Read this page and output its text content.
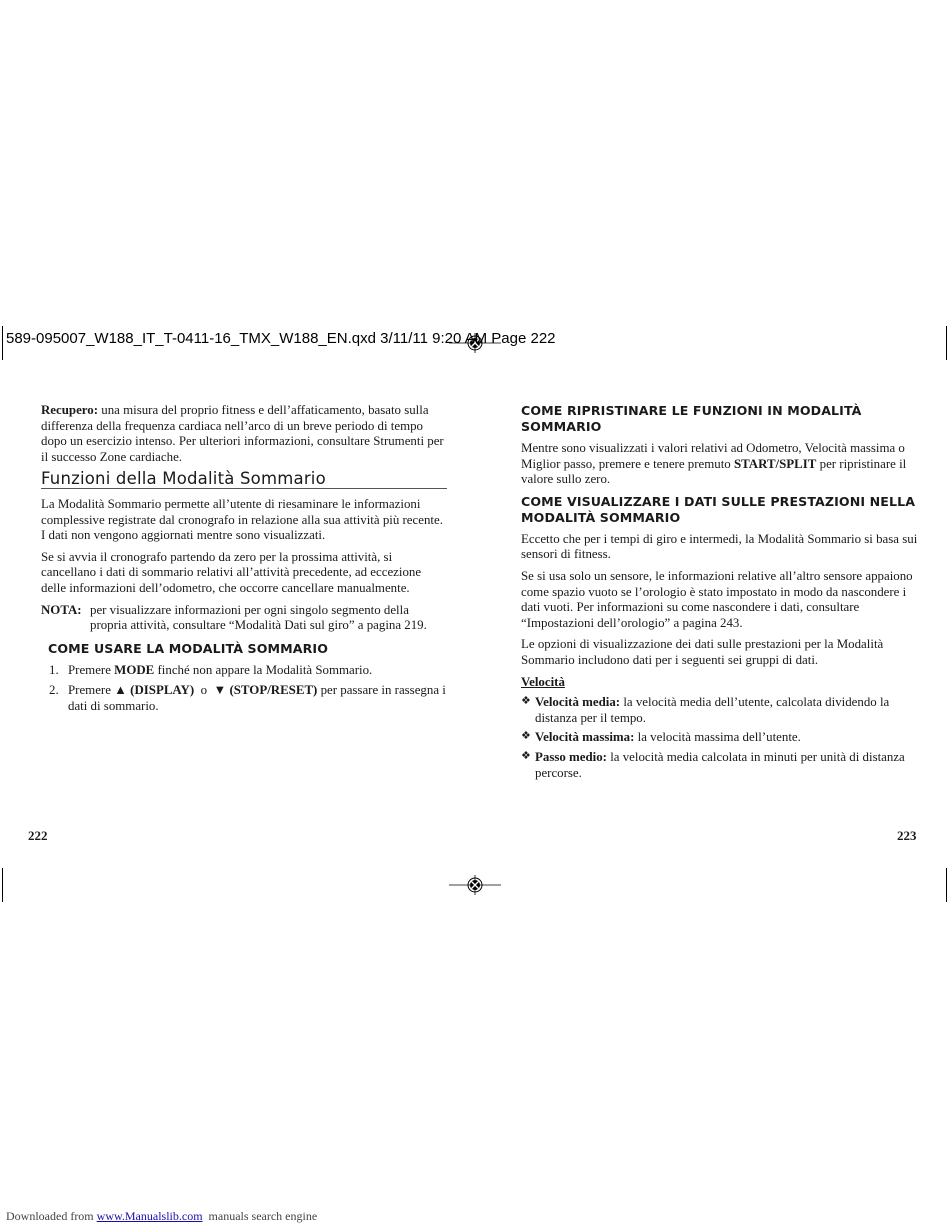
589-095007_W188_IT_T-0411-16_TMX_W188_EN.qxd 3/11/11 9:20 AM Page 222

Recupero: una misura del proprio fitness e dell’affaticamento, basato sulla differenza della frequenza cardiaca nell’arco di un breve periodo di tempo dopo un esercizio intenso. Per ulteriori informazioni, consultare Strumenti per il successo Zone cardiache.

Funzioni della Modalità Sommario

La Modalità Sommario permette all’utente di riesaminare le informazioni complessive registrate dal cronografo in relazione alla sua attività più recente. I dati non vengono aggiornati mentre sono visualizzati.

Se si avvia il cronografo partendo da zero per la prossima attività, si cancellano i dati di sommario relativi all’attività precedente, ad eccezione delle informazioni dell’odometro, che occorre cancellare manualmente.

NOTA: per visualizzare informazioni per ogni singolo segmento della propria attività, consultare “Modalità Dati sul giro” a pagina 219.
COME USARE LA MODALITÀ SOMMARIO
1. Premere MODE finché non appare la Modalità Sommario.
2. Premere ▲ (DISPLAY)  o  ▼ (STOP/RESET) per passare in rassegna i dati di sommario.
COME RIPRISTINARE LE FUNZIONI IN MODALITÀ SOMMARIO

Mentre sono visualizzati i valori relativi ad Odometro, Velocità massima o Miglior passo, premere e tenere premuto START/SPLIT per ripristinare il valore sullo zero.

COME VISUALIZZARE I DATI SULLE PRESTAZIONI NELLA MODALITÀ SOMMARIO

Eccetto che per i tempi di giro e intermedi, la Modalità Sommario si basa sui sensori di fitness.

Se si usa solo un sensore, le informazioni relative all’altro sensore appaiono come spazio vuoto se l’orologio è stato impostato in modo da nascondere i dati vuoti. Per informazioni su come nascondere i dati, consultare “Impostazioni dell’orologio” a pagina 243.

Le opzioni di visualizzazione dei dati sulle prestazioni per la Modalità Sommario includono dati per i seguenti sei gruppi di dati.

Velocità
❖ Velocità media: la velocità media dell’utente, calcolata dividendo la distanza per il tempo.
❖ Velocità massima: la velocità massima dell’utente.
❖ Passo medio: la velocità media calcolata in minuti per unità di distanza percorse.
222	223
Downloaded from www.Manualslib.com  manuals search engine
